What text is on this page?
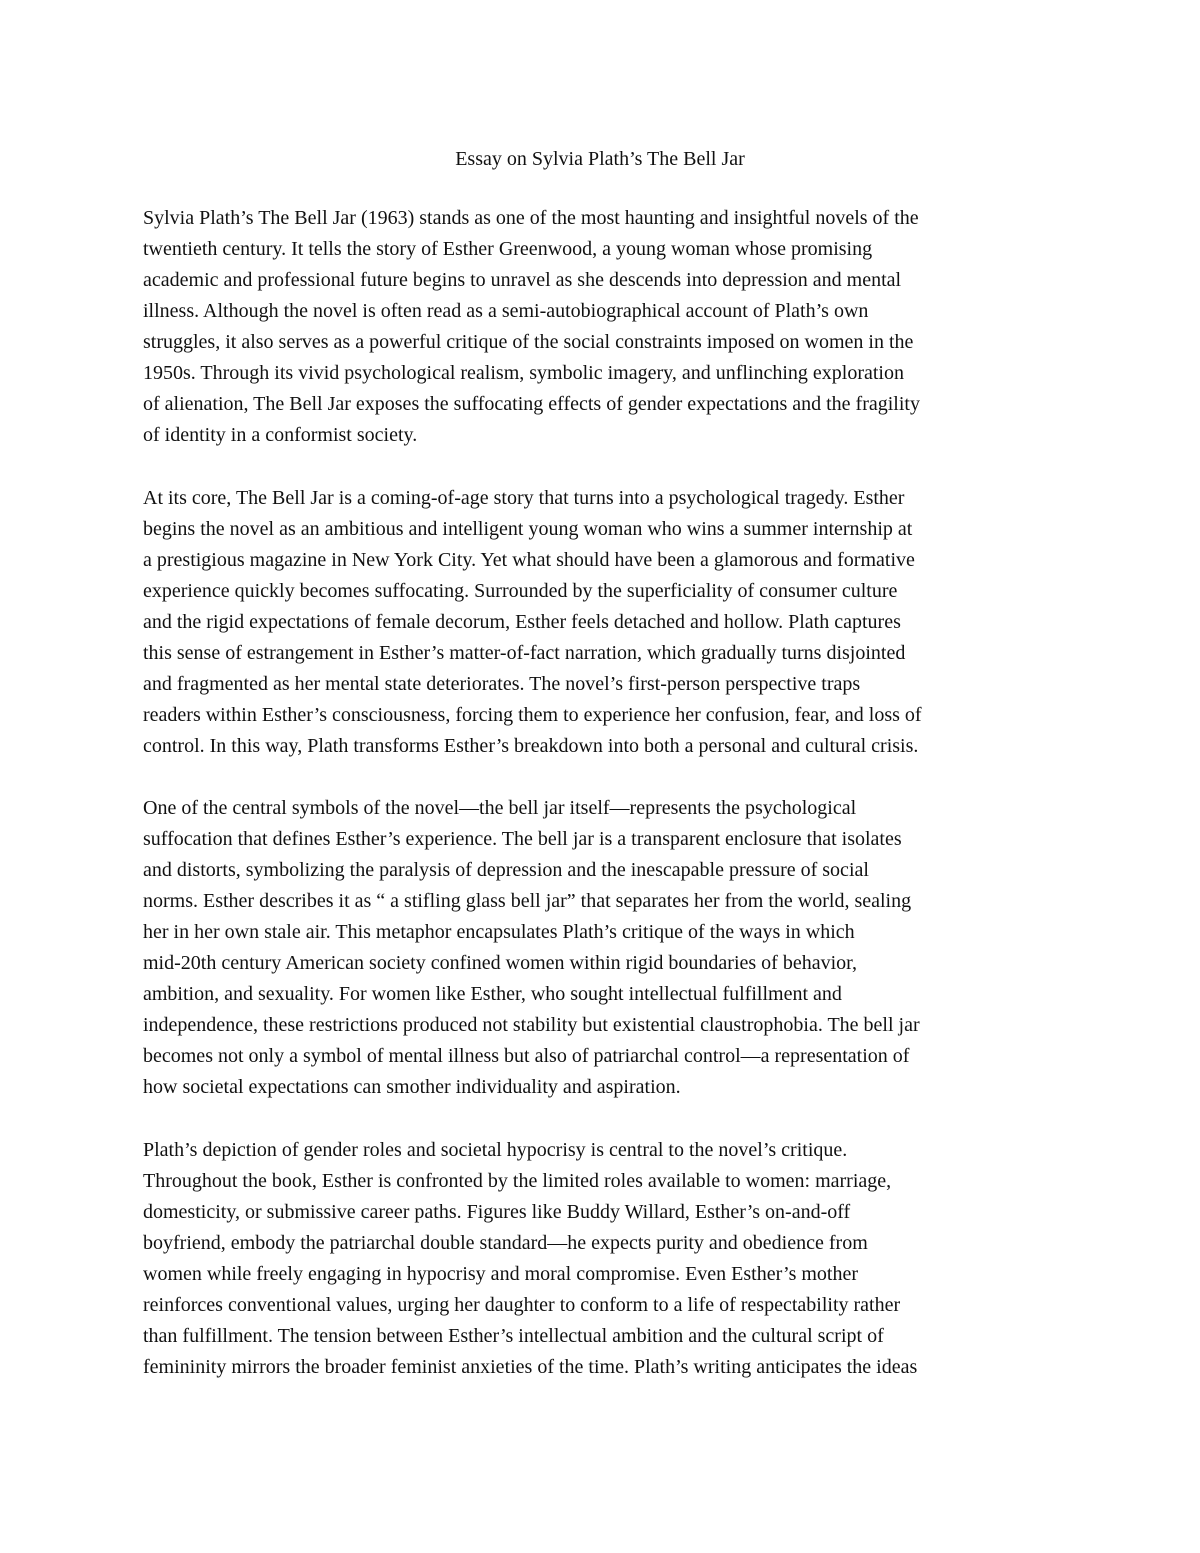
Essay on Sylvia Plath’s The Bell Jar
Sylvia Plath’s The Bell Jar (1963) stands as one of the most haunting and insightful novels of the
twentieth century. It tells the story of Esther Greenwood, a young woman whose promising
academic and professional future begins to unravel as she descends into depression and mental
illness. Although the novel is often read as a semi-autobiographical account of Plath’s own
struggles, it also serves as a powerful critique of the social constraints imposed on women in the
1950s. Through its vivid psychological realism, symbolic imagery, and unflinching exploration
of alienation, The Bell Jar exposes the suffocating effects of gender expectations and the fragility
of identity in a conformist society.
At its core, The Bell Jar is a coming-of-age story that turns into a psychological tragedy. Esther
begins the novel as an ambitious and intelligent young woman who wins a summer internship at
a prestigious magazine in New York City. Yet what should have been a glamorous and formative
experience quickly becomes suffocating. Surrounded by the superficiality of consumer culture
and the rigid expectations of female decorum, Esther feels detached and hollow. Plath captures
this sense of estrangement in Esther’s matter-of-fact narration, which gradually turns disjointed
and fragmented as her mental state deteriorates. The novel’s first-person perspective traps
readers within Esther’s consciousness, forcing them to experience her confusion, fear, and loss of
control. In this way, Plath transforms Esther’s breakdown into both a personal and cultural crisis.
One of the central symbols of the novel—the bell jar itself—represents the psychological
suffocation that defines Esther’s experience. The bell jar is a transparent enclosure that isolates
and distorts, symbolizing the paralysis of depression and the inescapable pressure of social
norms. Esther describes it as “ a stifling glass bell jar” that separates her from the world, sealing
her in her own stale air. This metaphor encapsulates Plath’s critique of the ways in which
mid-20th century American society confined women within rigid boundaries of behavior,
ambition, and sexuality. For women like Esther, who sought intellectual fulfillment and
independence, these restrictions produced not stability but existential claustrophobia. The bell jar
becomes not only a symbol of mental illness but also of patriarchal control—a representation of
how societal expectations can smother individuality and aspiration.
Plath’s depiction of gender roles and societal hypocrisy is central to the novel’s critique.
Throughout the book, Esther is confronted by the limited roles available to women: marriage,
domesticity, or submissive career paths. Figures like Buddy Willard, Esther’s on-and-off
boyfriend, embody the patriarchal double standard—he expects purity and obedience from
women while freely engaging in hypocrisy and moral compromise. Even Esther’s mother
reinforces conventional values, urging her daughter to conform to a life of respectability rather
than fulfillment. The tension between Esther’s intellectual ambition and the cultural script of
femininity mirrors the broader feminist anxieties of the time. Plath’s writing anticipates the ideas
